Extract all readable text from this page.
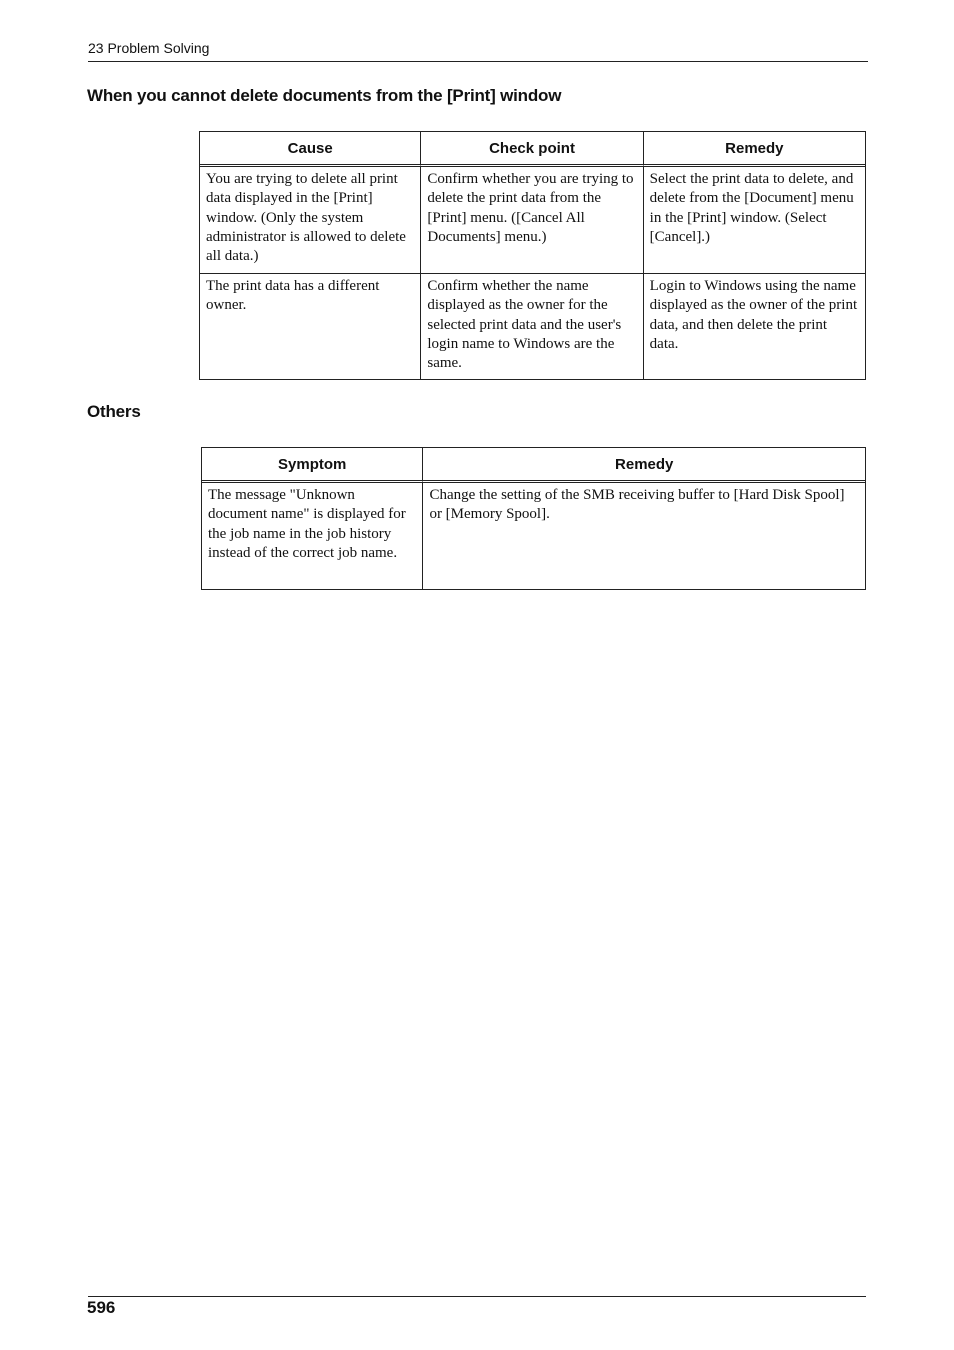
23 Problem Solving
When you cannot delete documents from the [Print] window
Cause	Check point	Remedy
You are trying to delete all print data displayed in the [Print] window. (Only the system administrator is allowed to delete all data.)	Confirm whether you are trying to delete the print data from the [Print] menu. ([Cancel All Documents] menu.)	Select the print data to delete, and delete from the [Document] menu in the [Print] window. (Select [Cancel].)
The print data has a different owner.	Confirm whether the name displayed as the owner for the selected print data and the user's login name to Windows are the same.	Login to Windows using the name displayed as the owner of the print data, and then delete the print data.
Others
Symptom	Remedy
The message "Unknown document name" is displayed for the job name in the job history instead of the correct job name.	Change the setting of the SMB receiving buffer to [Hard Disk Spool] or [Memory Spool].
596
